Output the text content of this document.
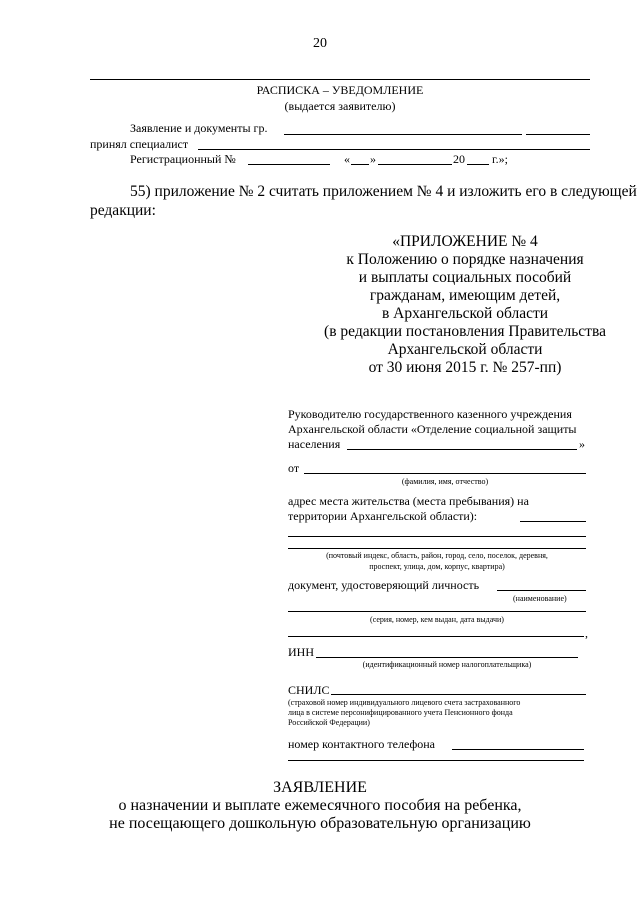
20
РАСПИСКА – УВЕДОМЛЕНИЕ
(выдается заявителю)
Заявление и документы гр.
принял специалист
Регистрационный №	« »	20 г.»;
55) приложение № 2 считать приложением № 4 и изложить его в следующей
редакции:
«ПРИЛОЖЕНИЕ № 4
к Положению о порядке назначения
и выплаты социальных пособий
гражданам, имеющим детей,
в Архангельской области
(в редакции постановления Правительства
Архангельской области
от 30 июня 2015 г. № 257-пп)
Руководителю государственного казенного учреждения
Архангельской области «Отделение социальной защиты
населения	»
от
(фамилия, имя, отчество)
адрес места жительства (места пребывания) на
территории Архангельской области):
(почтовый индекс, область, район, город, село, поселок, деревня,
проспект, улица, дом, корпус, квартира)
документ, удостоверяющий личность
(наименование)
(серия, номер, кем выдан, дата выдачи)
,
ИНН
(идентификационный номер налогоплательщика)
СНИЛС
(страховой номер индивидуального лицевого счета застрахованного
лица в системе персонифицированного учета Пенсионного фонда
Российской Федерации)
номер контактного телефона
ЗАЯВЛЕНИЕ
о назначении и выплате ежемесячного пособия на ребенка,
не посещающего дошкольную образовательную организацию
